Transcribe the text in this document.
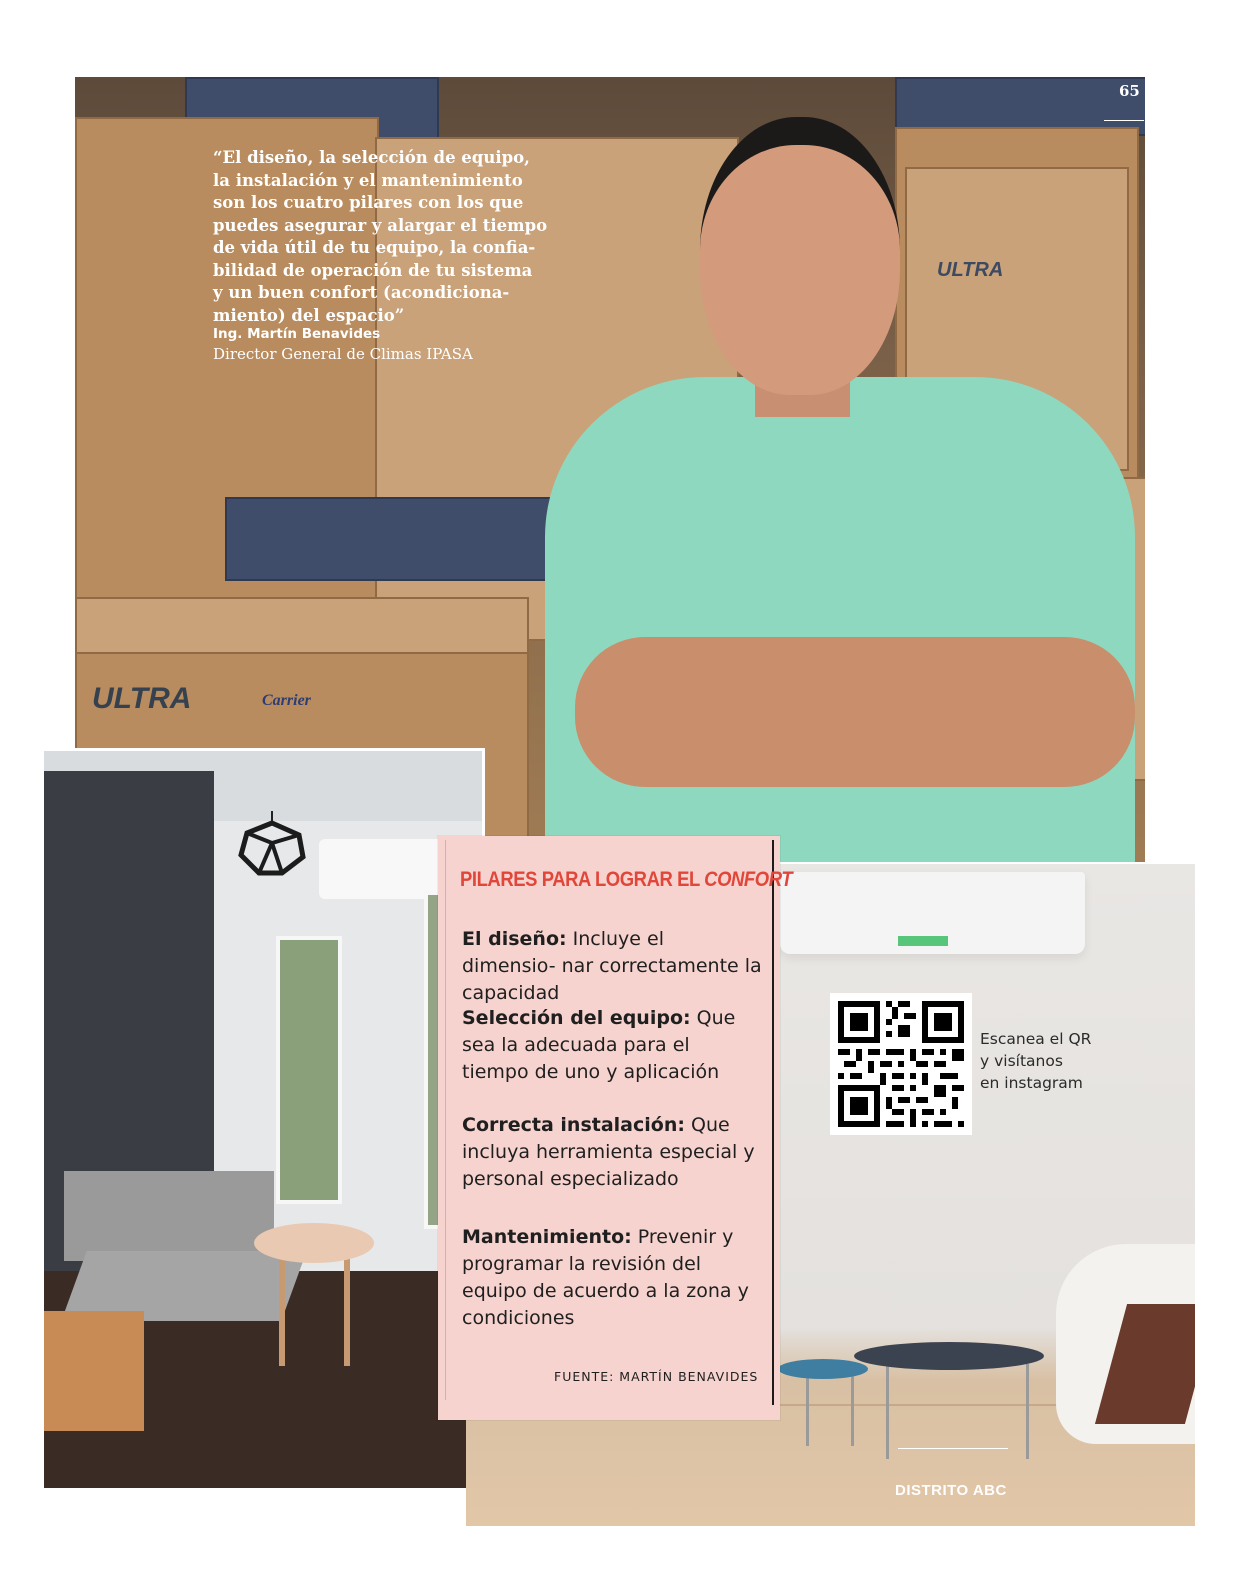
ULTRA	Carrier
ULTRA

“El diseño, la selección de equipo,
la instalación y el mantenimiento
son los cuatro pilares con los que
puedes asegurar y alargar el tiempo
de vida útil de tu equipo, la confia-
bilidad de operación de tu sistema
y un buen confort (acondiciona-
miento) del espacio”

Ing. Martín Benavides
Director General de Climas IPASA
65
Escanea el QR
y visítanos
en instagram
DISTRITO ABC
PILARES PARA LOGRAR EL CONFORT
El diseño: Incluye el dimensio- nar correctamente la capacidad
Selección del equipo: Que sea la adecuada para el tiempo de uno y aplicación
Correcta instalación: Que incluya herramienta especial y personal especializado
Mantenimiento: Prevenir y programar la revisión del equipo de acuerdo a la zona y condiciones
FUENTE: MARTÍN BENAVIDES
